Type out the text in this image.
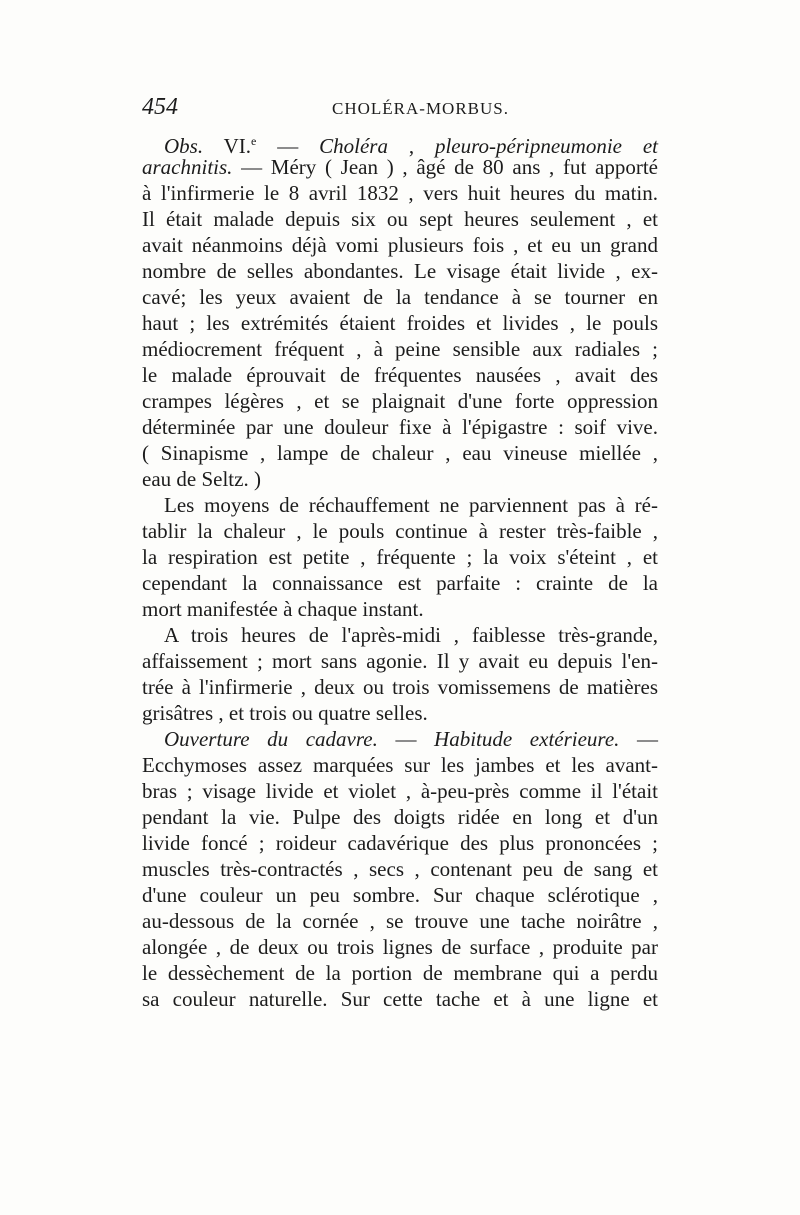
454	CHOLÉRA-MORBUS.
Obs. VI.$^e$ — Choléra , pleuro-péripneumonie et
arachnitis. — Méry ( Jean ) , âgé de 80 ans , fut apporté
à l'infirmerie le 8 avril 1832 , vers huit heures du matin.
Il était malade depuis six ou sept heures seulement , et
avait néanmoins déjà vomi plusieurs fois , et eu un grand
nombre de selles abondantes. Le visage était livide , ex-
cavé; les yeux avaient de la tendance à se tourner en
haut ; les extrémités étaient froides et livides , le pouls
médiocrement fréquent , à peine sensible aux radiales ;
le malade éprouvait de fréquentes nausées , avait des
crampes légères , et se plaignait d'une forte oppression
déterminée par une douleur fixe à l'épigastre : soif vive.
( Sinapisme , lampe de chaleur , eau vineuse miellée ,
eau de Seltz. )
Les moyens de réchauffement ne parviennent pas à ré-
tablir la chaleur , le pouls continue à rester très-faible ,
la respiration est petite , fréquente ; la voix s'éteint , et
cependant la connaissance est parfaite : crainte de la
mort manifestée à chaque instant.
A trois heures de l'après-midi , faiblesse très-grande,
affaissement ; mort sans agonie. Il y avait eu depuis l'en-
trée à l'infirmerie , deux ou trois vomissemens de matières
grisâtres , et trois ou quatre selles.
Ouverture du cadavre. — Habitude extérieure. —
Ecchymoses assez marquées sur les jambes et les avant-
bras ; visage livide et violet , à-peu-près comme il l'était
pendant la vie. Pulpe des doigts ridée en long et d'un
livide foncé ; roideur cadavérique des plus prononcées ;
muscles très-contractés , secs , contenant peu de sang et
d'une couleur un peu sombre. Sur chaque sclérotique ,
au-dessous de la cornée , se trouve une tache noirâtre ,
alongée , de deux ou trois lignes de surface , produite par
le dessèchement de la portion de membrane qui a perdu
sa couleur naturelle. Sur cette tache et à une ligne et
